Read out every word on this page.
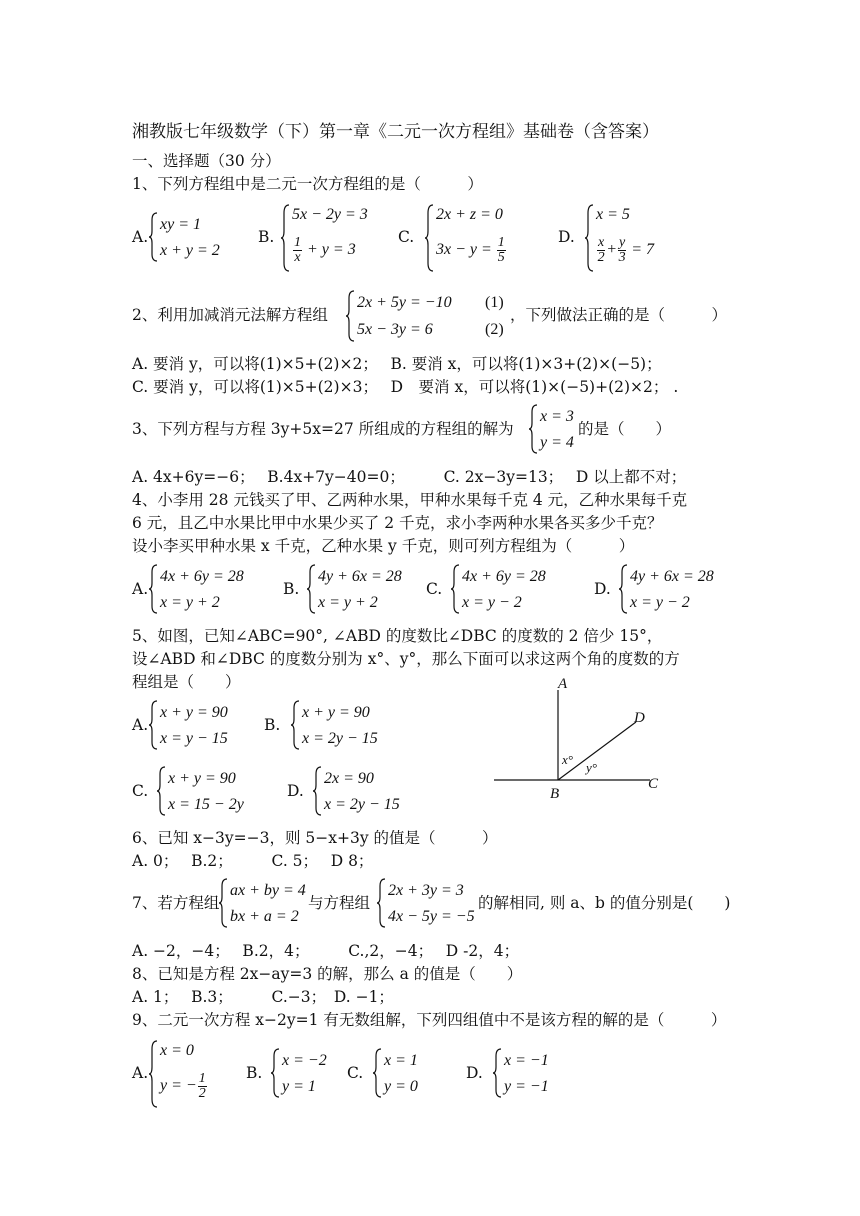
湘教版七年级数学（下）第一章《二元一次方程组》基础卷（含答案）
一、选择题（30 分）
1、下列方程组中是二元一次方程组的是（　　　）
A.
xy = 1
x + y = 2
B.
5x − 2y = 3
$\frac{1}{x} + y = 3$
C.
2x + z = 0
$3x - y = \frac{1}{5}$	D.
x = 5
$\frac{x}{2} + \frac{y}{3} = 7$
2、利用加减消元法解方程组
2x + 5y = −10 (1)
5x − 3y = 6	(2)
，下列做法正确的是（　　　）
A. 要消 y，可以将(1)×5+(2)×2；　 B. 要消 x，可以将(1)×3+(2)×(−5)；
C. 要消 y，可以将(1)×5+(2)×3；　 D　要消 x，可以将(1)×(−5)+(2)×2； .
3、下列方程与方程 3y+5x=27 所组成的方程组的解为
x = 3
y = 4
的是（　　）
A. 4x+6y=−6；　 B.4x+7y−40=0；　　　C. 2x−3y=13；　 D 以上都不对；
4、小李用 28 元钱买了甲、乙两种水果，甲种水果每千克 4 元，乙种水果每千克
6 元，且乙中水果比甲中水果少买了 2 千克，求小李两种水果各买多少千克？
设小李买甲种水果 x 千克，乙种水果 y 千克，则可列方程组为（　　　）
A.
4x + 6y = 28
x = y + 2
B.
4y + 6x = 28
x = y + 2
C.
4x + 6y = 28
x = y − 2
D.
4y + 6x = 28
x = y − 2
5、如图，已知∠ABC=90°, ∠ABD 的度数比∠DBC 的度数的 2 倍少 15°，
设∠ABD 和∠DBC 的度数分别为 x°、y°，那么下面可以求这两个角的度数的方
程组是（　　）
A.
x + y = 90
x = y − 15
B.
x + y = 90
x = 2y − 15
C.
x + y = 90
x = 15 − 2y
D.
2x = 90
x = 2y − 15
A
D
C
B
x°
y°
6、已知 x−3y=−3，则 5−x+3y 的值是（　　　）
A. 0；　 B.2；　　　C. 5；　 D 8；
7、若方程组
ax + by = 4
bx + a = 2
与方程组
2x + 3y = 3
4x − 5y = −5
的解相同, 则 a、b 的值分别是(　　)
A. −2，−4；　 B.2，4；　　　C.,2，−4；　 D -2，4；
8、已知是方程 2x−ay=3 的解，那么 a 的值是（　　）
A. 1；　 B.3；　　　C.−3；　D. −1；
9、二元一次方程 x−2y=1 有无数组解，下列四组值中不是该方程的解的是（　　　）
A.
x = 0
y = − $\frac{1}{2}$	B.
x = −2
y = 1
C.
x = 1
y = 0
D.
x = −1
y = −1
